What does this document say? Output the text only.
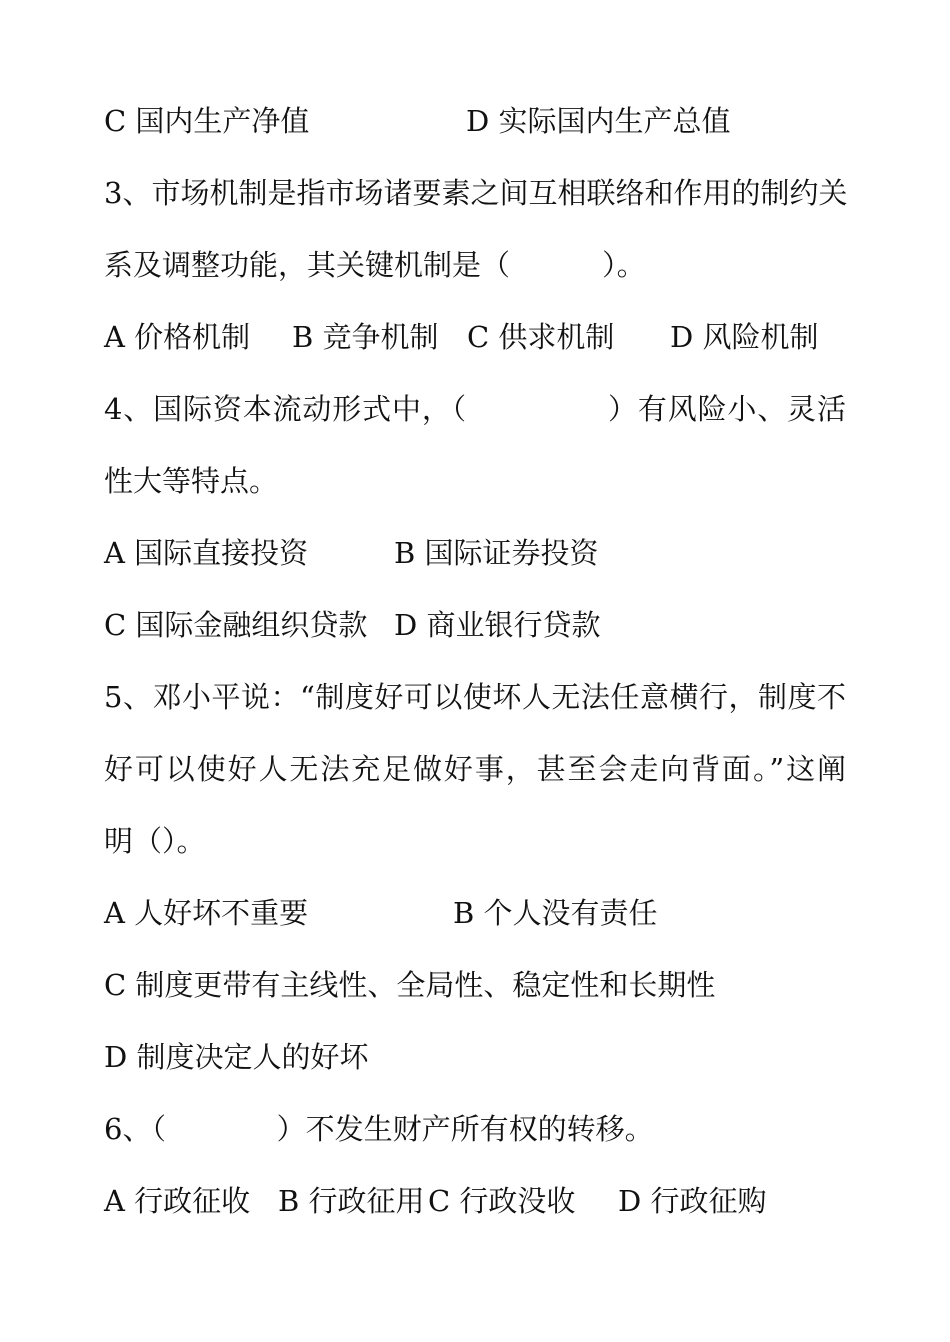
C 国内生产净值	D 实际国内生产总值
3、市场机制是指市场诸要素之间互相联络和作用的制约关
系及调整功能，其关键机制是（          ）。
A 价格机制 B 竞争机制 C 供求机制 D 风险机制
4、国际资本流动形式中，（              ）有风险小、灵活
性大等特点。
A 国际直接投资	B 国际证券投资
C 国际金融组织贷款 D 商业银行贷款
5、邓小平说：“制度好可以使坏人无法任意横行，制度不
好可以使好人无法充足做好事，甚至会走向背面。”这阐
明（）。
A 人好坏不重要	B 个人没有责任
C 制度更带有主线性、全局性、稳定性和长期性
D 制度决定人的好坏
6、（            ）不发生财产所有权的转移。
A 行政征收 B 行政征用 C 行政没收 D 行政征购
